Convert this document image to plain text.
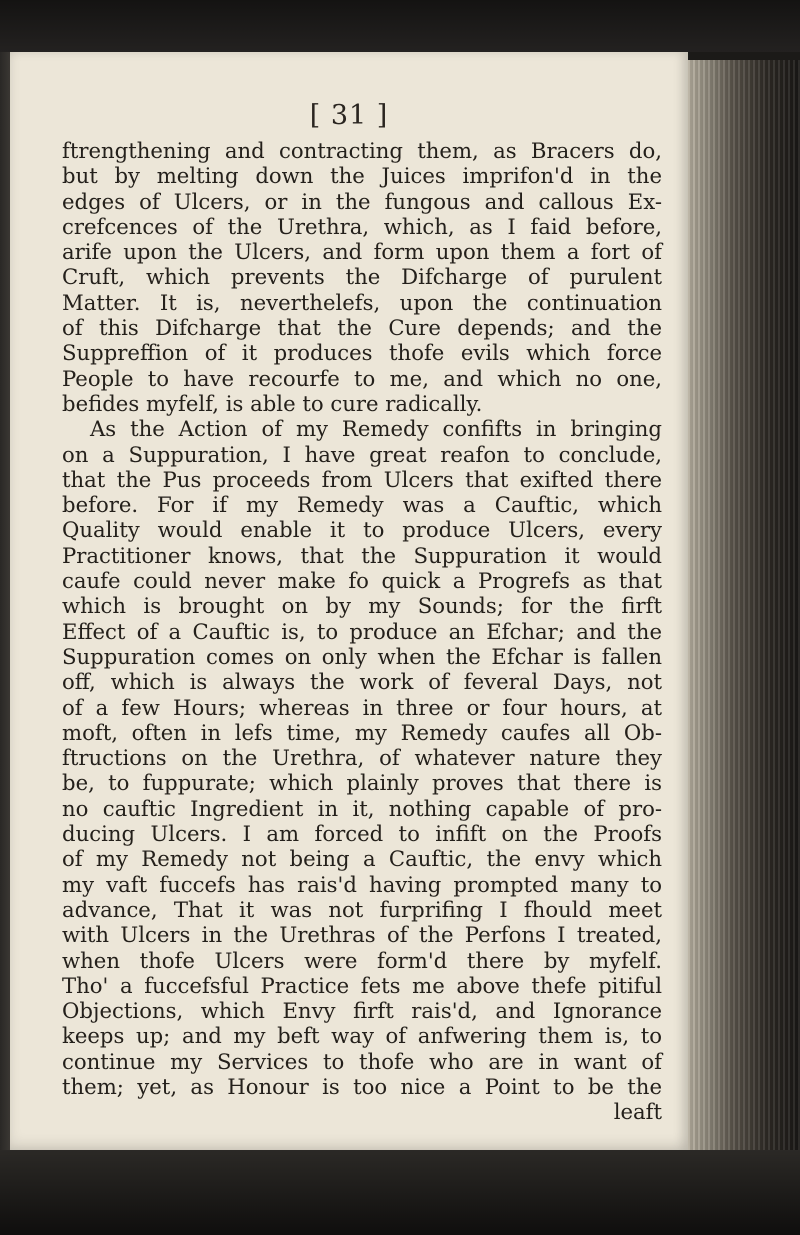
[ 31 ]
ftrengthening and contracting them, as Bracers do,
but by melting down the Juices imprifon'd in the
edges of Ulcers, or in the fungous and callous Ex-
crefcences of the Urethra, which, as I faid before,
arife upon the Ulcers, and form upon them a fort of
Cruft, which prevents the Difcharge of purulent
Matter. It is, neverthelefs, upon the continuation
of this Difcharge that the Cure depends; and the
Suppreffion of it produces thofe evils which force
People to have recourfe to me, and which no one,
befides myfelf, is able to cure radically.
As the Action of my Remedy confifts in bringing
on a Suppuration, I have great reafon to conclude,
that the Pus proceeds from Ulcers that exifted there
before. For if my Remedy was a Cauftic, which
Quality would enable it to produce Ulcers, every
Practitioner knows, that the Suppuration it would
caufe could never make fo quick a Progrefs as that
which is brought on by my Sounds; for the firft
Effect of a Cauftic is, to produce an Efchar; and the
Suppuration comes on only when the Efchar is fallen
off, which is always the work of feveral Days, not
of a few Hours; whereas in three or four hours, at
moft, often in lefs time, my Remedy caufes all Ob-
ftructions on the Urethra, of whatever nature they
be, to fuppurate; which plainly proves that there is
no cauftic Ingredient in it, nothing capable of pro-
ducing Ulcers. I am forced to infift on the Proofs
of my Remedy not being a Cauftic, the envy which
my vaft fuccefs has rais'd having prompted many to
advance, That it was not furprifing I fhould meet
with Ulcers in the Urethras of the Perfons I treated,
when thofe Ulcers were form'd there by myfelf.
Tho' a fuccefsful Practice fets me above thefe pitiful
Objections, which Envy firft rais'd, and Ignorance
keeps up; and my beft way of anfwering them is, to
continue my Services to thofe who are in want of
them; yet, as Honour is too nice a Point to be the
leaft
